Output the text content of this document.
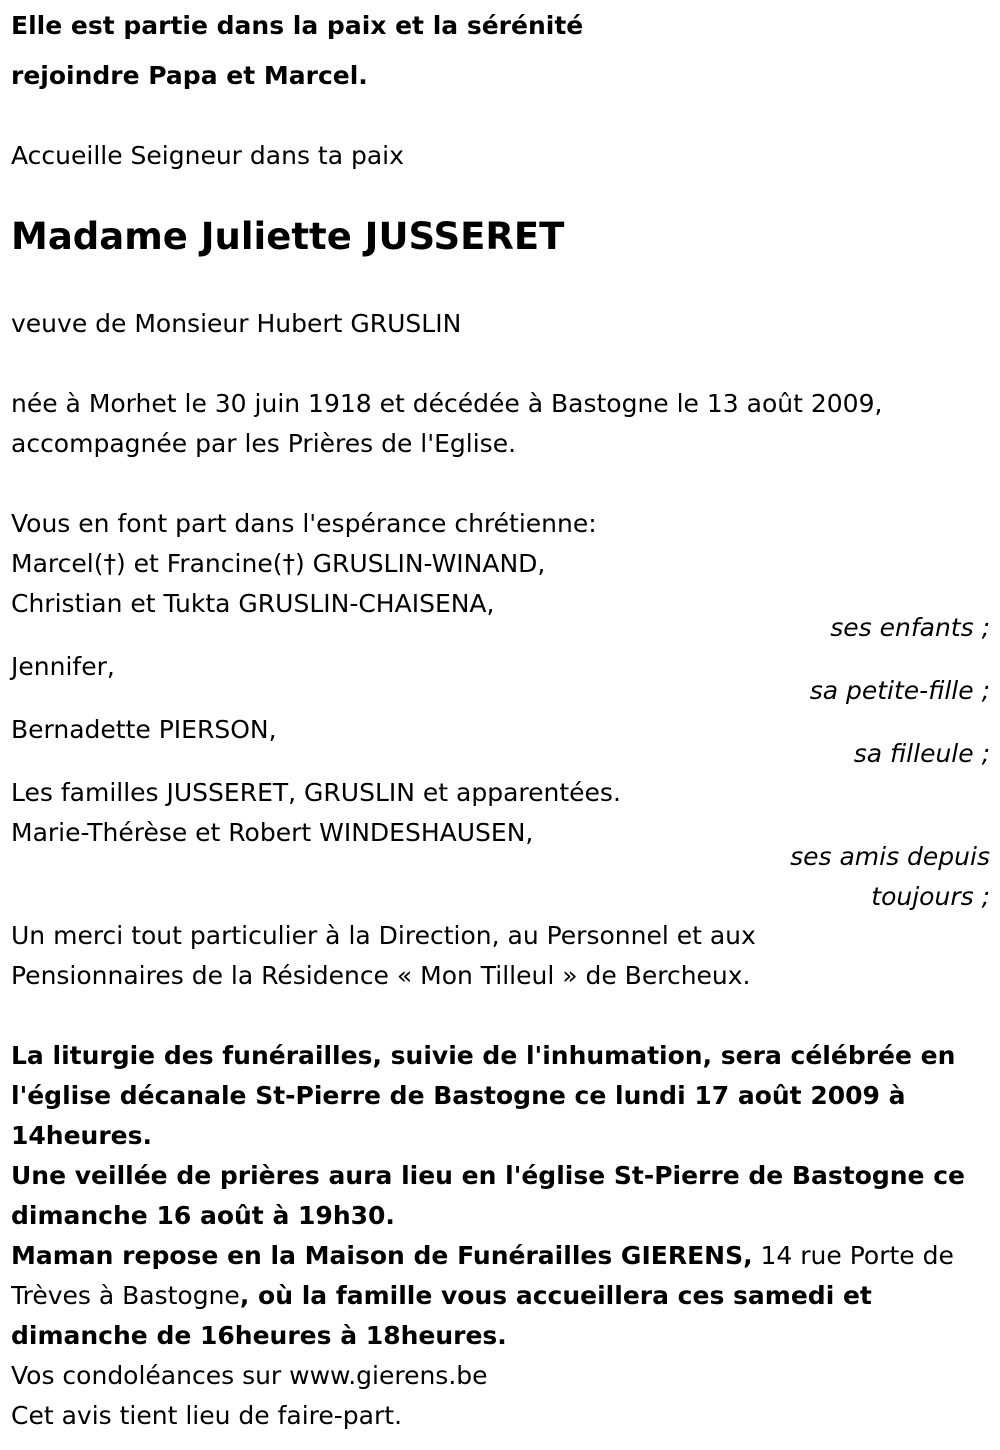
Elle est partie dans la paix et la sérénité
rejoindre Papa et Marcel.
Accueille Seigneur dans ta paix
Madame Juliette JUSSERET
veuve de Monsieur Hubert GRUSLIN
née à Morhet le 30 juin 1918 et décédée à Bastogne le 13 août 2009,
accompagnée par les Prières de l'Eglise.
Vous en font part dans l'espérance chrétienne:
Marcel(†) et Francine(†) GRUSLIN-WINAND,
Christian et Tukta GRUSLIN-CHAISENA,
ses enfants ;
Jennifer,
sa petite-fille ;
Bernadette PIERSON,
sa filleule ;
Les familles JUSSERET, GRUSLIN et apparentées.
Marie-Thérèse et Robert WINDESHAUSEN,
ses amis depuis
toujours ;
Un merci tout particulier à la Direction, au Personnel et aux
Pensionnaires de la Résidence « Mon Tilleul » de Bercheux.
La liturgie des funérailles, suivie de l'inhumation, sera célébrée en
l'église décanale St-Pierre de Bastogne ce lundi 17 août 2009 à
14heures.
Une veillée de prières aura lieu en l'église St-Pierre de Bastogne ce
dimanche 16 août à 19h30.
Maman repose en la Maison de Funérailles GIERENS, 14 rue Porte de
Trèves à Bastogne, où la famille vous accueillera ces samedi et
dimanche de 16heures à 18heures.
Vos condoléances sur www.gierens.be
Cet avis tient lieu de faire-part.
